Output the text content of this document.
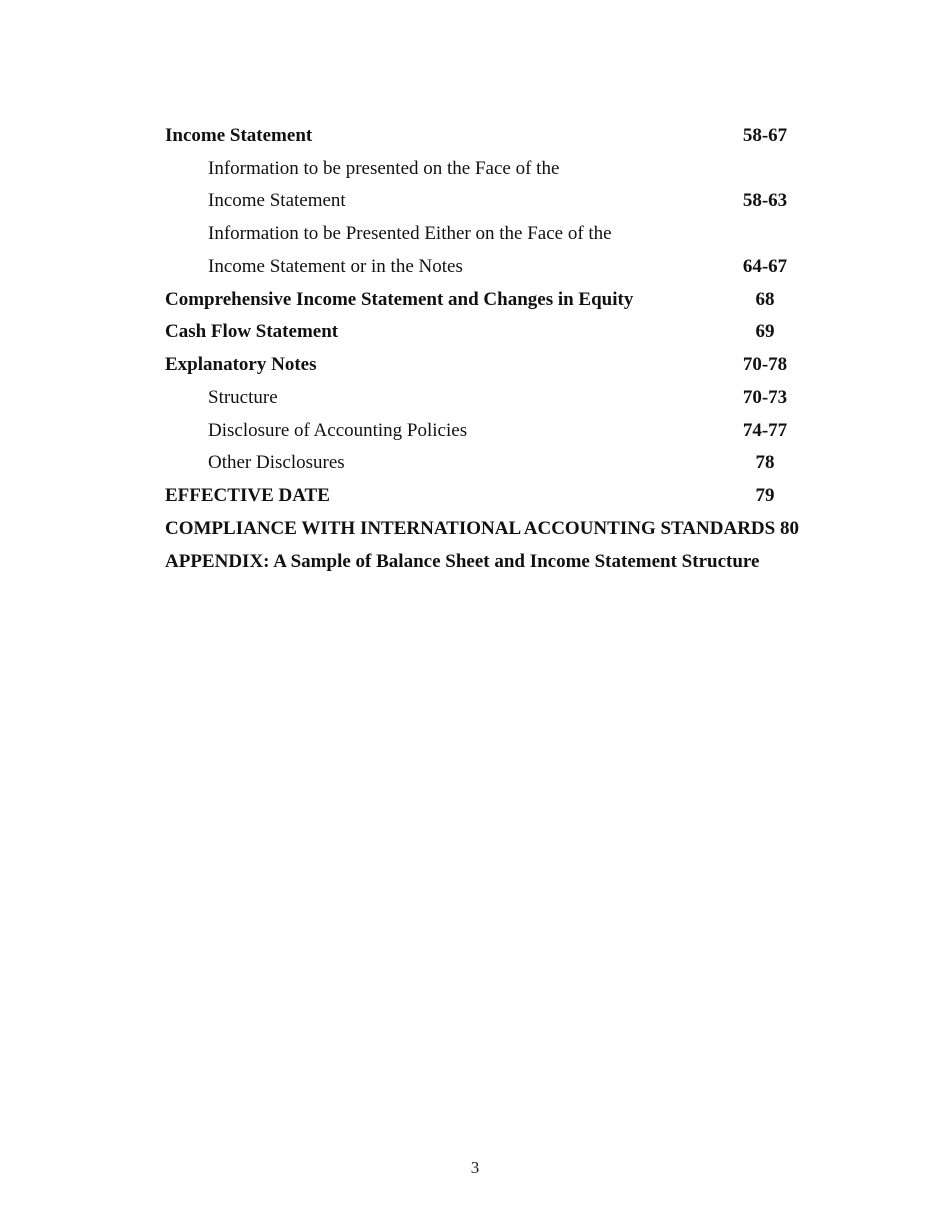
Income Statement	58-67
Information to be presented on the Face of the
Income Statement	58-63
Information to be Presented Either on the Face of the
Income Statement or in the Notes	64-67
Comprehensive Income Statement and Changes in Equity	68
Cash Flow Statement	69
Explanatory Notes	70-78
Structure	70-73
Disclosure of Accounting Policies	74-77
Other Disclosures	78
EFFECTIVE DATE	79
COMPLIANCE WITH INTERNATIONAL ACCOUNTING STANDARDS 80
APPENDIX: A Sample of Balance Sheet and Income Statement Structure
3
